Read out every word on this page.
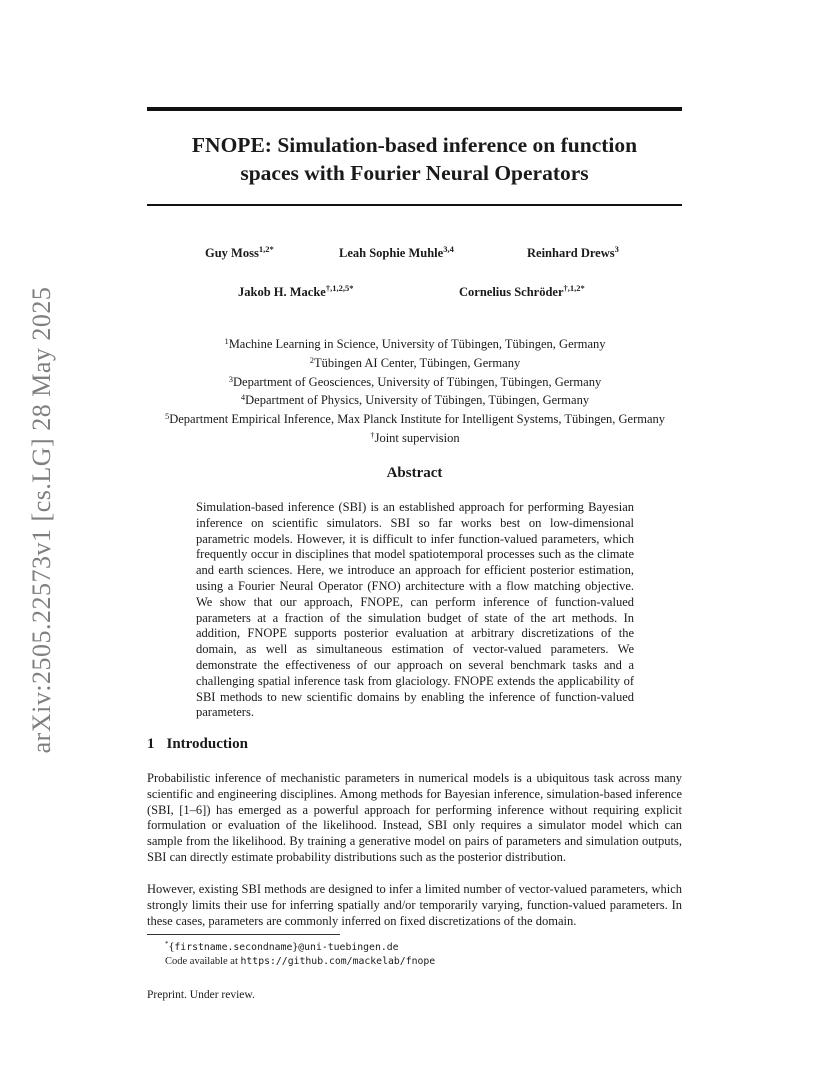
arXiv:2505.22573v1 [cs.LG] 28 May 2025
FNOPE: Simulation-based inference on function
spaces with Fourier Neural Operators
Guy Moss$^{1,2*}$	Leah Sophie Muhle$^{3,4}$	Reinhard Drews$^3$
Jakob H. Macke$^{\dagger,1,2,5*}$	Cornelius Schröder$^{\dagger,1,2*}$
$^1$Machine Learning in Science, University of Tübingen, Tübingen, Germany
$^2$Tübingen AI Center, Tübingen, Germany
$^3$Department of Geosciences, University of Tübingen, Tübingen, Germany
$^4$Department of Physics, University of Tübingen, Tübingen, Germany
$^5$Department Empirical Inference, Max Planck Institute for Intelligent Systems, Tübingen, Germany
†Joint supervision
Abstract
Simulation-based inference (SBI) is an established approach for performing Bayesian inference on scientific simulators. SBI so far works best on low-dimensional parametric models. However, it is difficult to infer function-valued parameters, which frequently occur in disciplines that model spatiotemporal processes such as the climate and earth sciences. Here, we introduce an approach for efficient posterior estimation, using a Fourier Neural Operator (FNO) architecture with a flow matching objective. We show that our approach, FNOPE, can perform inference of function-valued parameters at a fraction of the simulation budget of state of the art methods. In addition, FNOPE supports posterior evaluation at arbitrary discretizations of the domain, as well as simultaneous estimation of vector-valued parameters. We demonstrate the effectiveness of our approach on several benchmark tasks and a challenging spatial inference task from glaciology. FNOPE extends the applicability of SBI methods to new scientific domains by enabling the inference of function-valued parameters.
1 Introduction

Probabilistic inference of mechanistic parameters in numerical models is a ubiquitous task across many scientific and engineering disciplines. Among methods for Bayesian inference, simulation-based inference (SBI, [1–6]) has emerged as a powerful approach for performing inference without requiring explicit formulation or evaluation of the likelihood. Instead, SBI only requires a simulator model which can sample from the likelihood. By training a generative model on pairs of parameters and simulation outputs, SBI can directly estimate probability distributions such as the posterior distribution.

However, existing SBI methods are designed to infer a limited number of vector-valued parameters, which strongly limits their use for inferring spatially and/or temporarily varying, function-valued parameters. In these cases, parameters are commonly inferred on fixed discretizations of the domain.

*{firstname.secondname}@uni-tuebingen.de
Code available at https://github.com/mackelab/fnope
Preprint. Under review.
